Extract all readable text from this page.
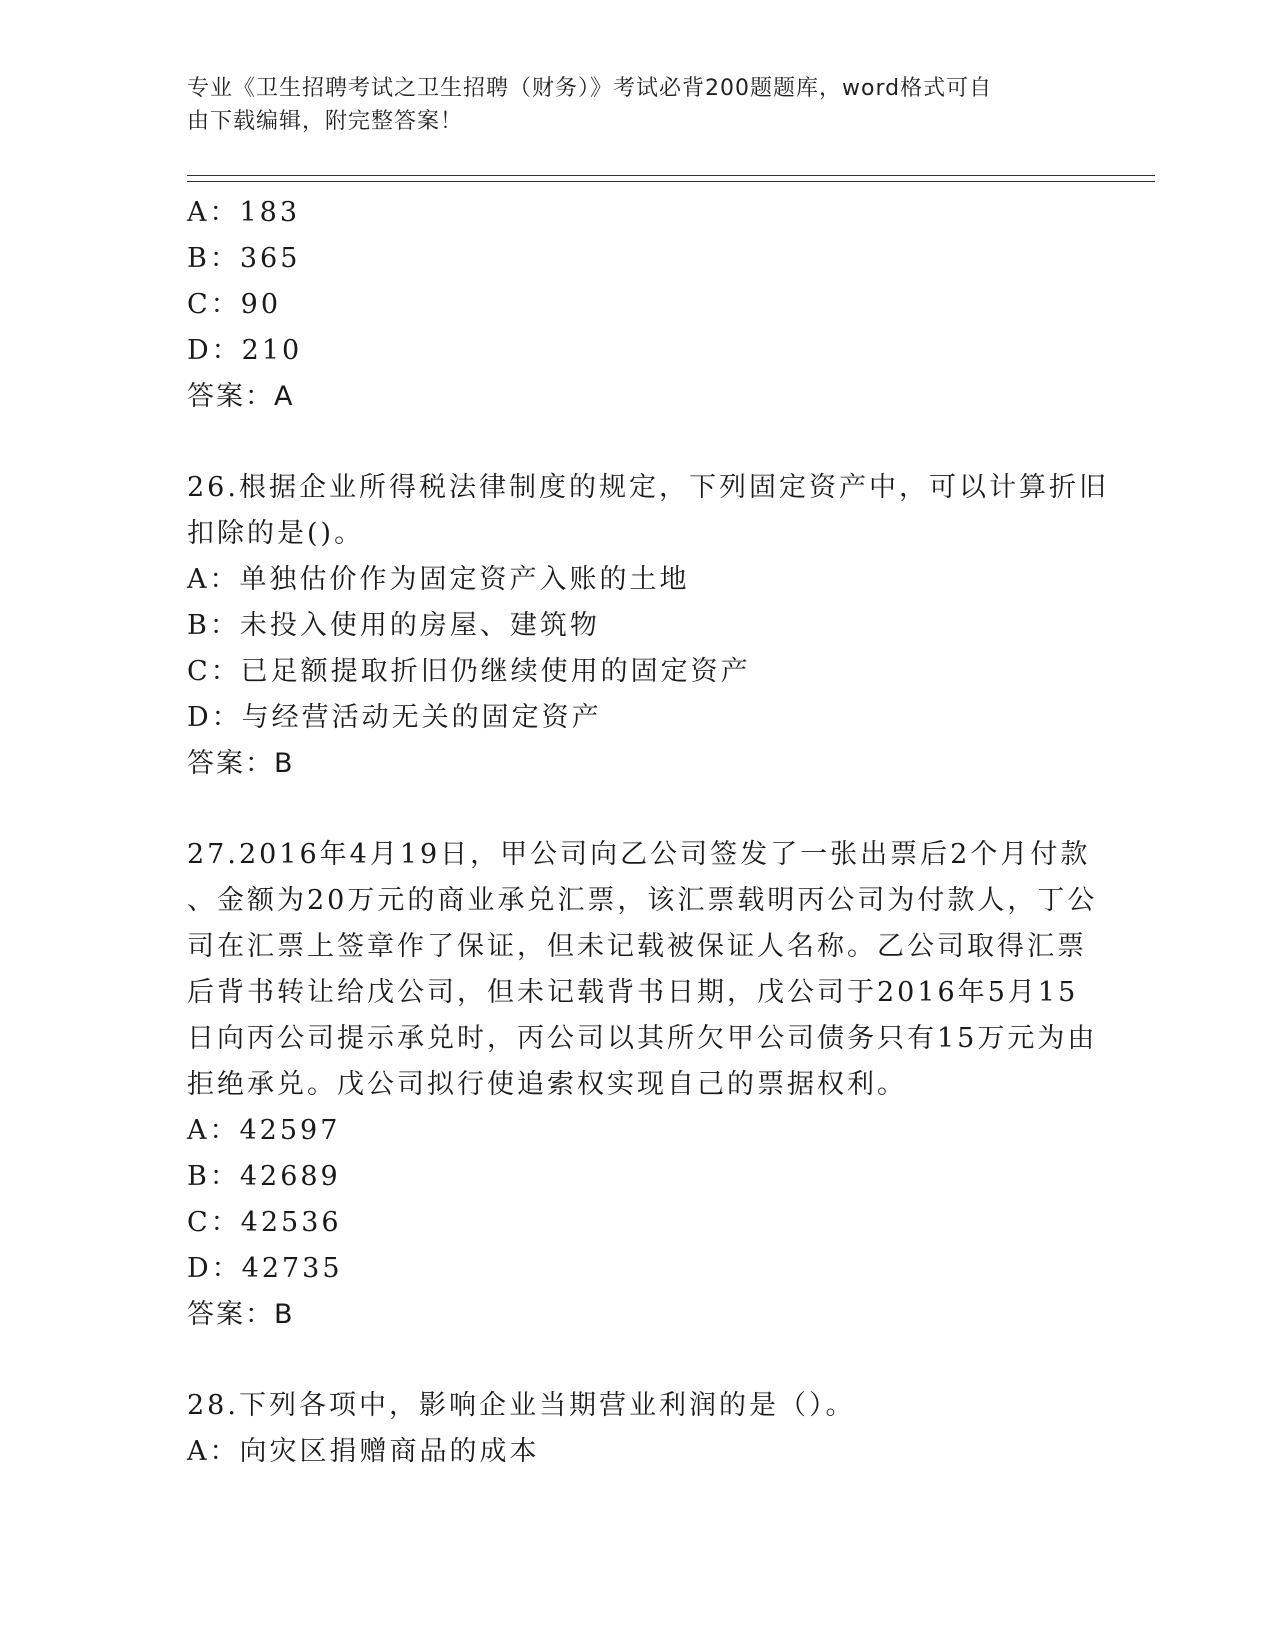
专业《卫生招聘考试之卫生招聘（财务）》考试必背200题题库，word格式可自
由下载编辑，附完整答案！
A：183
B：365
C：90
D：210
答案：A
26.根据企业所得税法律制度的规定，下列固定资产中，可以计算折旧
扣除的是()。
A：单独估价作为固定资产入账的土地
B：未投入使用的房屋、建筑物
C：已足额提取折旧仍继续使用的固定资产
D：与经营活动无关的固定资产
答案：B
27.2016年4月19日，甲公司向乙公司签发了一张出票后2个月付款
、金额为20万元的商业承兑汇票，该汇票载明丙公司为付款人，丁公
司在汇票上签章作了保证，但未记载被保证人名称。乙公司取得汇票
后背书转让给戊公司，但未记载背书日期，戊公司于2016年5月15
日向丙公司提示承兑时，丙公司以其所欠甲公司债务只有15万元为由
拒绝承兑。戊公司拟行使追索权实现自己的票据权利。
A：42597
B：42689
C：42536
D：42735
答案：B
28.下列各项中，影响企业当期营业利润的是（）。
A：向灾区捐赠商品的成本
